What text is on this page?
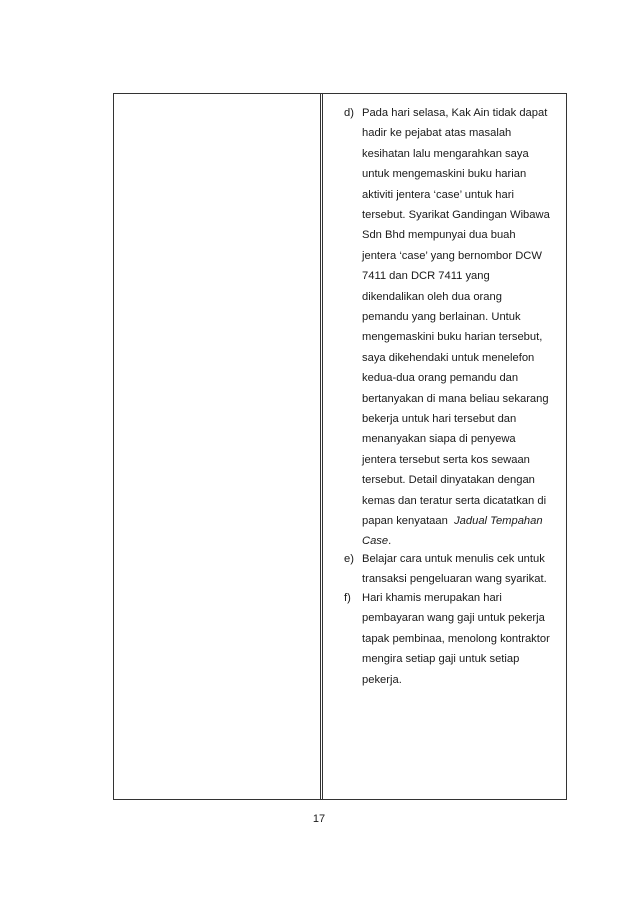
d) Pada hari selasa, Kak Ain tidak dapat
hadir ke pejabat atas masalah
kesihatan lalu mengarahkan saya
untuk mengemaskini buku harian
aktiviti jentera ‘case’ untuk hari
tersebut. Syarikat Gandingan Wibawa
Sdn Bhd mempunyai dua buah
jentera ‘case’ yang bernombor DCW
7411 dan DCR 7411 yang
dikendalikan oleh dua orang
pemandu yang berlainan. Untuk
mengemaskini buku harian tersebut,
saya dikehendaki untuk menelefon
kedua-dua orang pemandu dan
bertanyakan di mana beliau sekarang
bekerja untuk hari tersebut dan
menanyakan siapa di penyewa
jentera tersebut serta kos sewaan
tersebut. Detail dinyatakan dengan
kemas dan teratur serta dicatatkan di
papan kenyataan  Jadual Tempahan
Case.
e) Belajar cara untuk menulis cek untuk
transaksi pengeluaran wang syarikat.
f) Hari khamis merupakan hari
pembayaran wang gaji untuk pekerja
tapak pembinaa, menolong kontraktor
mengira setiap gaji untuk setiap
pekerja.
17
